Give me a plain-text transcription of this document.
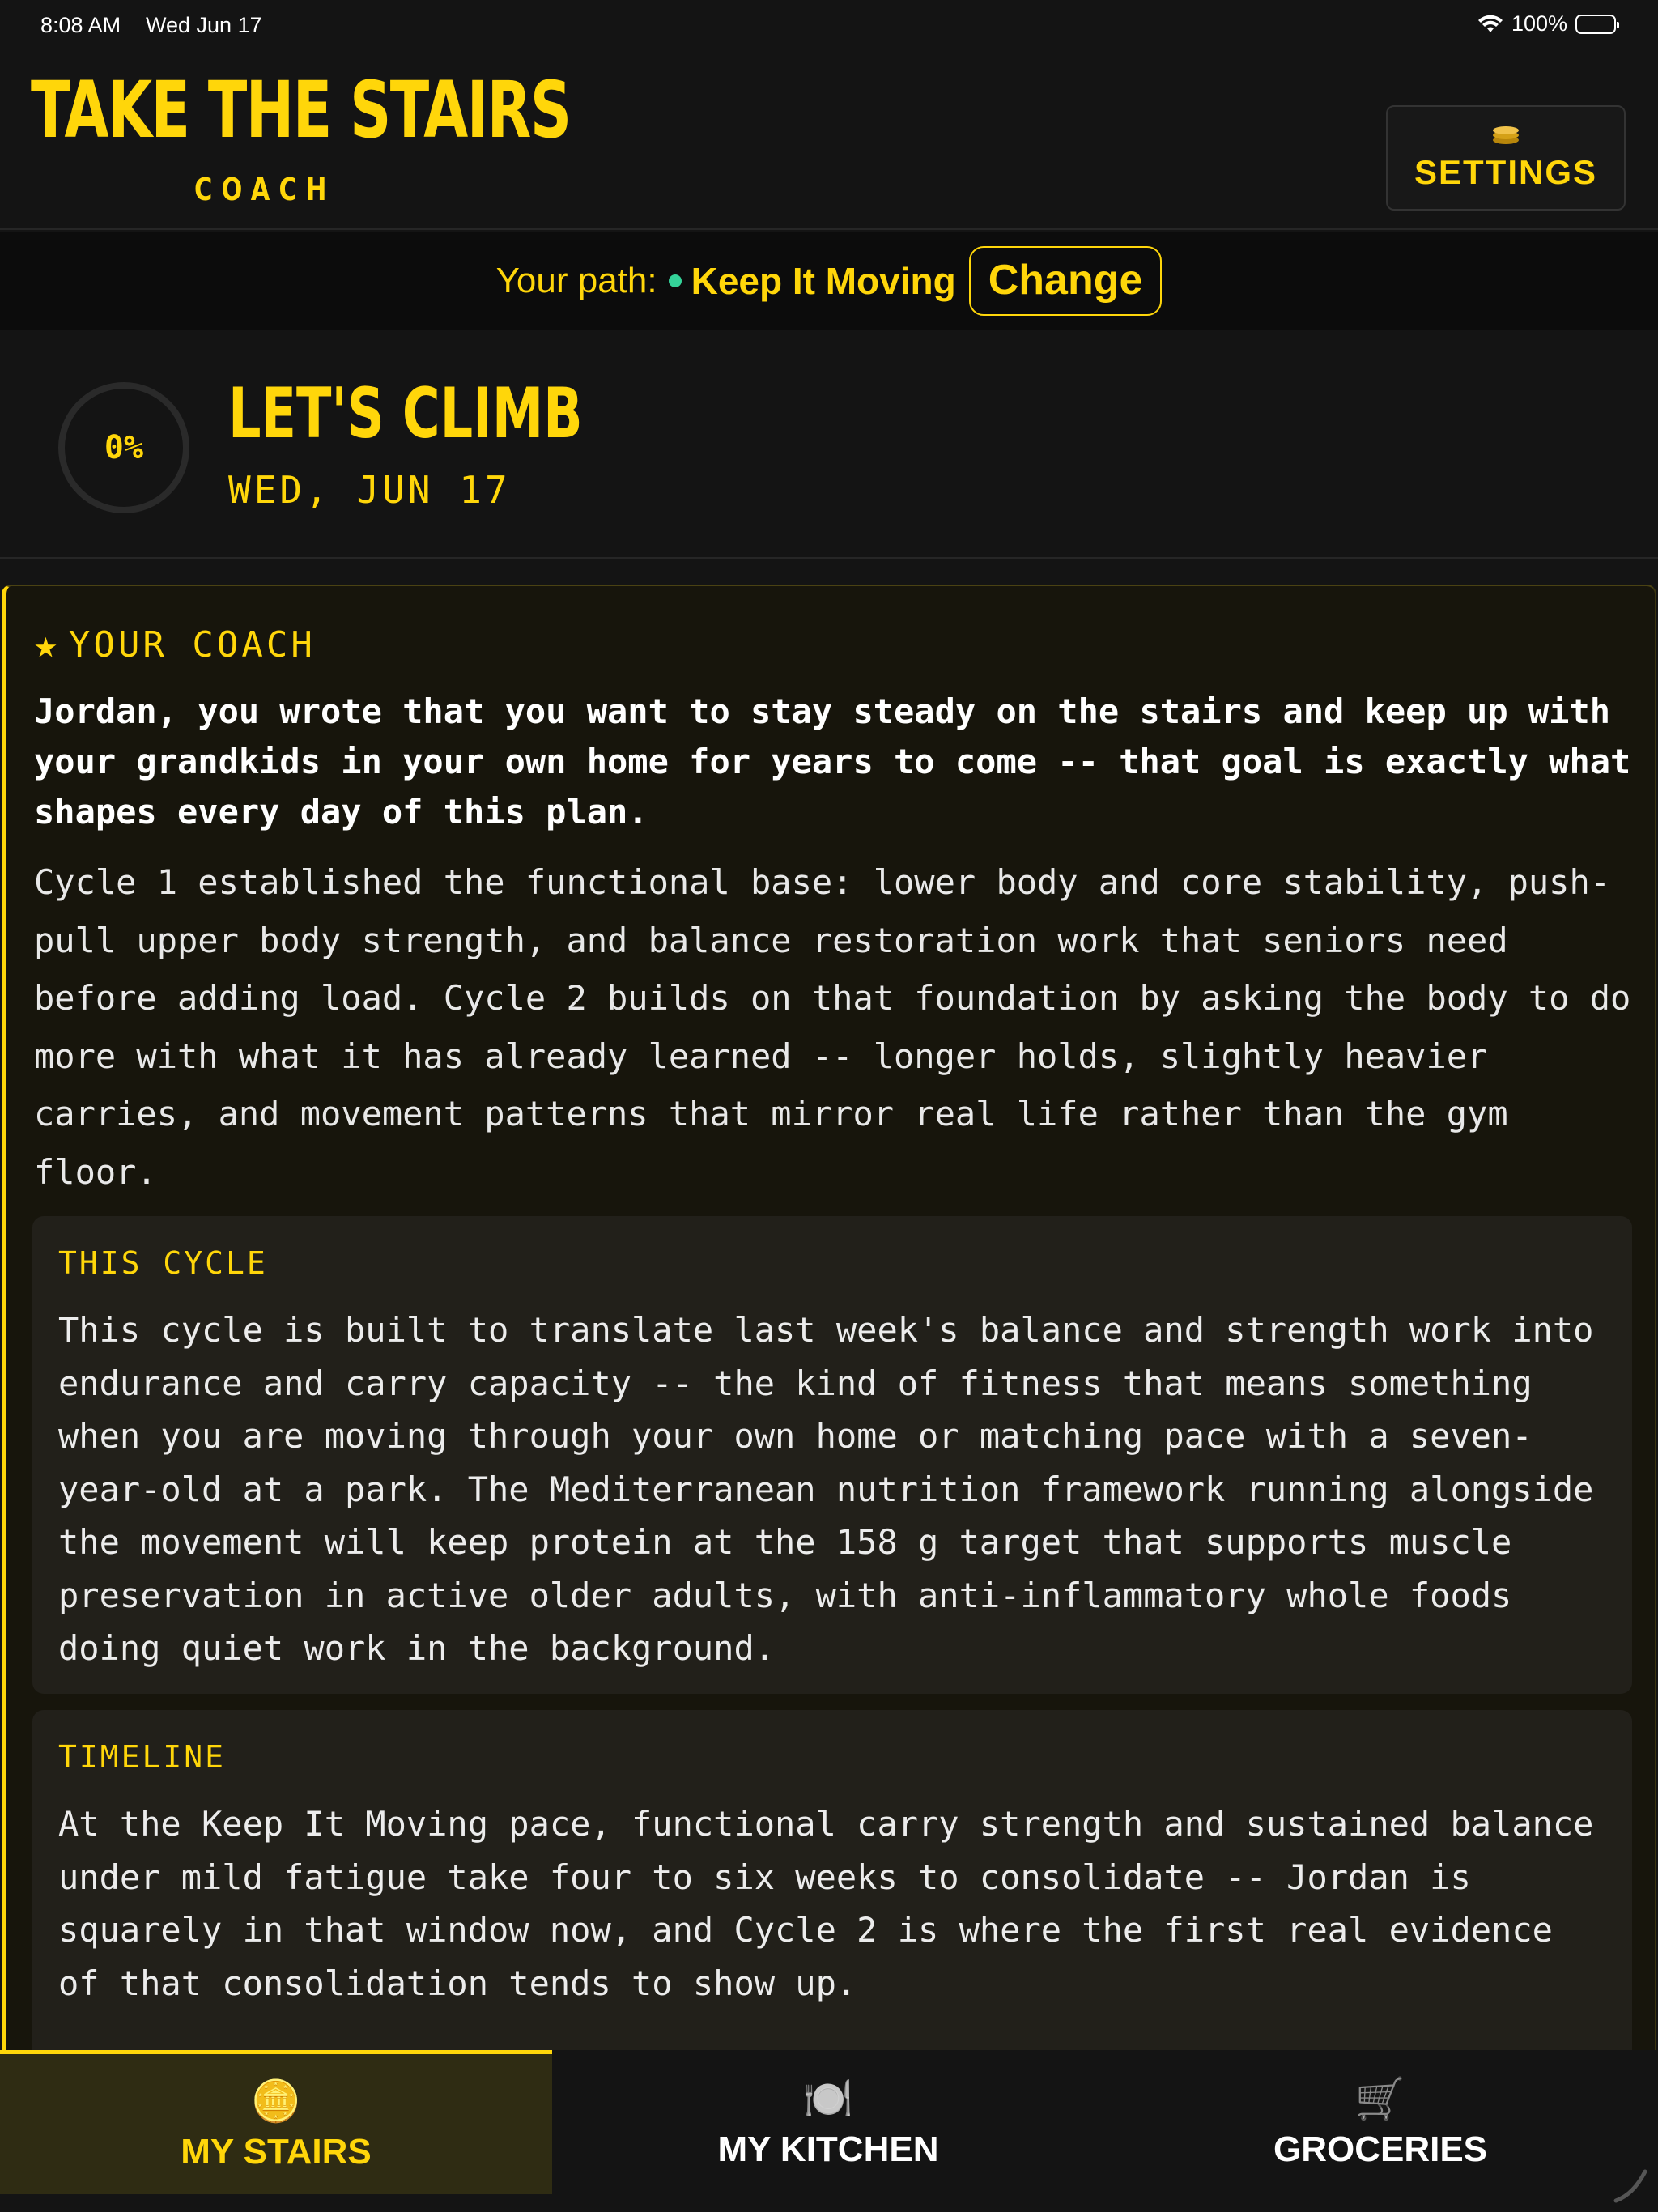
8:08 AM Wed Jun 17	100%
TAKE THE STAIRS
COACH	SETTINGS
Your path: Keep It Moving Change
0% LET'S CLIMB
WED, JUN 17
★ YOUR COACH

Jordan, you wrote that you want to stay steady on the stairs and keep up with your grandkids in your own home for years to come -- that goal is exactly what shapes every day of this plan.

Cycle 1 established the functional base: lower body and core stability, push-pull upper body strength, and balance restoration work that seniors need before adding load. Cycle 2 builds on that foundation by asking the body to do more with what it has already learned -- longer holds, slightly heavier carries, and movement patterns that mirror real life rather than the gym floor.

THIS CYCLE

This cycle is built to translate last week's balance and strength work into endurance and carry capacity -- the kind of fitness that means something when you are moving through your own home or matching pace with a seven-year-old at a park. The Mediterranean nutrition framework running alongside the movement will keep protein at the 158 g target that supports muscle preservation in active older adults, with anti-inflammatory whole foods doing quiet work in the background.

TIMELINE

At the Keep It Moving pace, functional carry strength and sustained balance under mild fatigue take four to six weeks to consolidate -- Jordan is squarely in that window now, and Cycle 2 is where the first real evidence of that consolidation tends to show up.

🪙
MY STAIRS
🍽️
MY KITCHEN
🛒
GROCERIES
